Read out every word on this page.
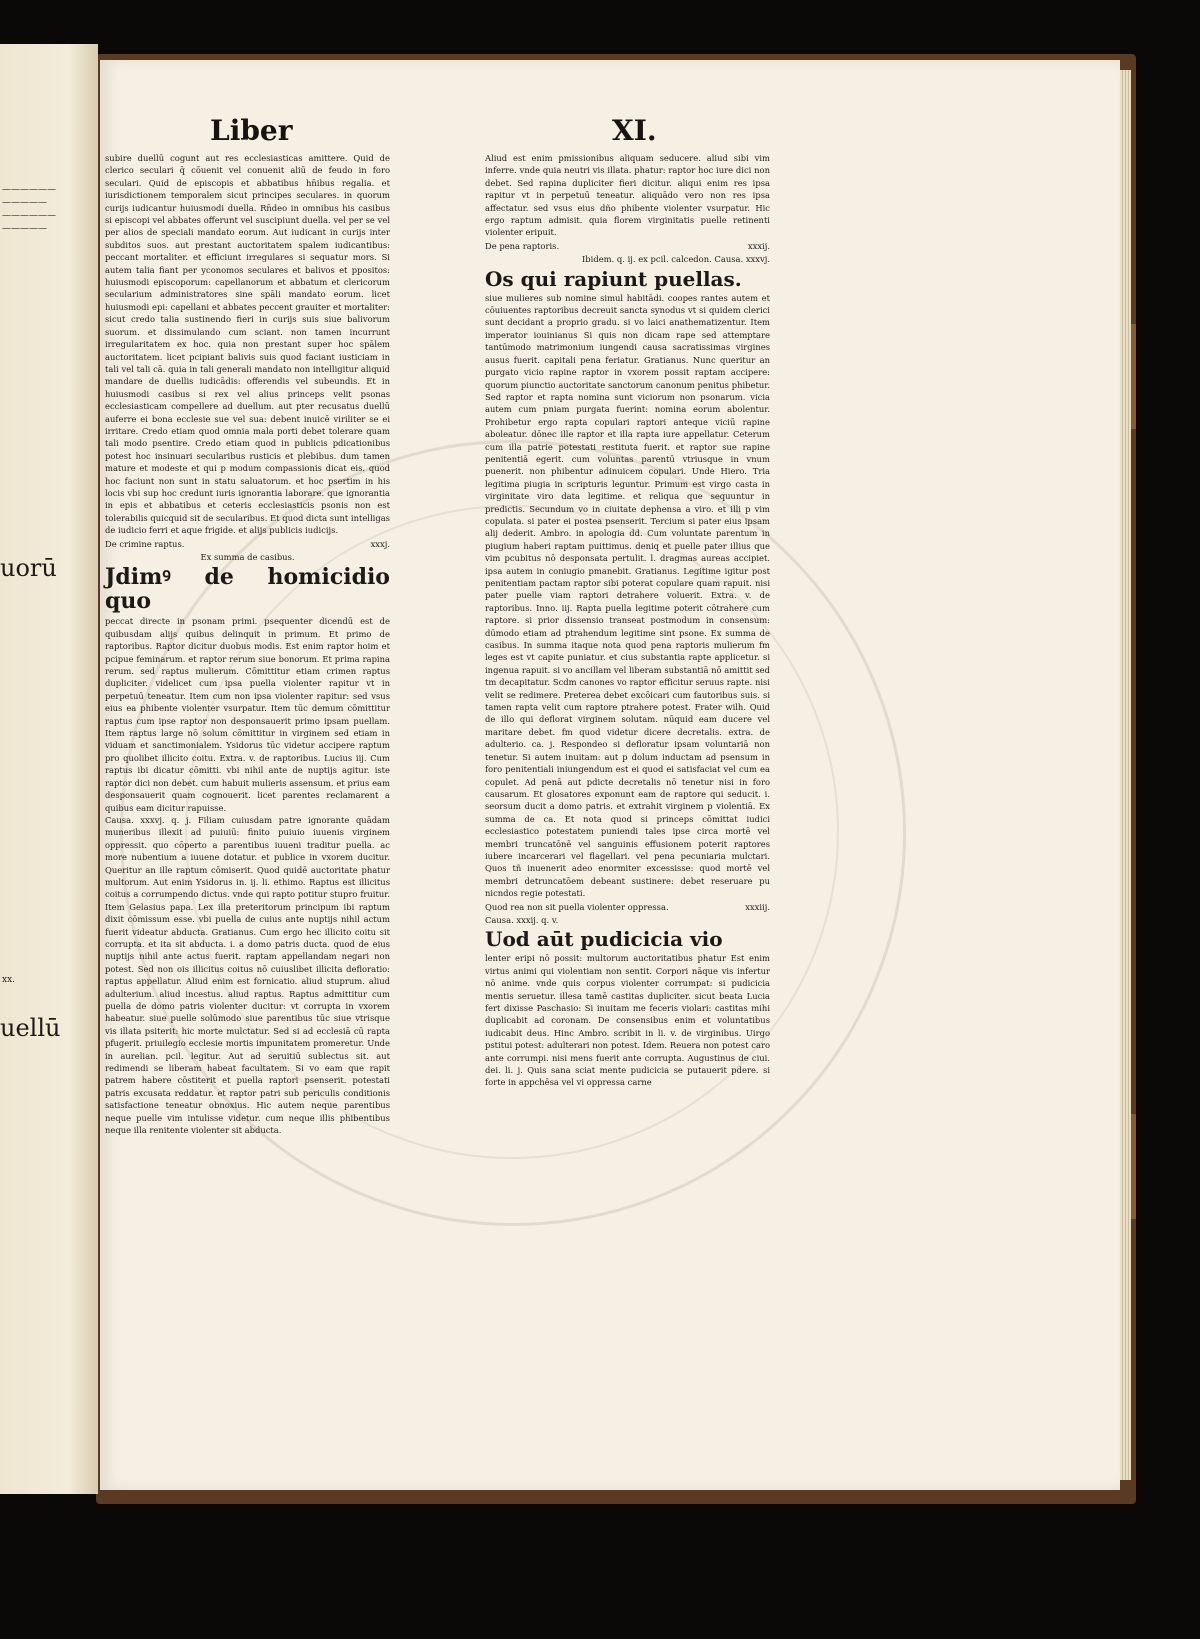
——————
—————
——————
—————
uorū
uellū
xx.
Liber	XI.

subire duellū cogunt aut res ecclesiasticas amittere. Quid de clerico seculari q̄ cōuenit vel conuenit aliū de feudo in foro seculari. Quid de episcopis et abbatibus hn̄ibus regalia. et iurisdictionem temporalem sicut principes seculares. in quorum curijs iudicantur huiusmodi duella. Rn̄deo in omnibus his casibus si episcopi vel abbates offerunt vel suscipiunt duella. vel per se vel per alios de speciali mandato eorum. Aut iudicant in curijs inter subditos suos. aut prestant auctoritatem spalem iudicantibus: peccant mortaliter. et efficiunt irregulares si sequatur mors. Si autem talia fiant per yconomos seculares et balivos et ppositos: huiusmodi episcoporum: capellanorum et abbatum et clericorum secularium administratores sine spāli mandato eorum. licet huiusmodi epi: capellani et abbates peccent grauiter et mortaliter: sicut credo talia sustinendo fieri in curijs suis siue balivorum suorum. et dissimulando cum sciant. non tamen incurrunt irregularitatem ex hoc. quia non prestant super hoc spālem auctoritatem. licet pcipiant balivis suis quod faciant iusticiam in tali vel tali cā. quia in tali generali mandato non intelligitur aliquid mandare de duellis iudicādis: offerendis vel subeundis. Et in huiusmodi casibus si rex vel alius princeps velit psonas ecclesiasticam compellere ad duellum. aut pter recusatus duellū auferre ei bona ecclesie sue vel sua: debent inuicē viriliter se ei irritare. Credo etiam quod omnia mala porti debet tolerare quam tali modo psentire. Credo etiam quod in publicis pdicationibus potest hoc insinuari secularibus rusticis et plebibus. dum tamen mature et modeste et qui p modum compassionis dicat eis. quod hoc faciunt non sunt in statu saluatorum. et hoc psertim in his locis vbi sup hoc credunt iuris ignorantia laborare. que ignorantia in epis et abbatibus et ceteris ecclesiasticis psonis non est tolerabilis quicquid sit de secularibus. Et quod dicta sunt intelligas de iudicio ferri et aque frigide. et alijs publicis iudicijs.

De crimine raptus.	xxxj.
Ex summa de casibus.
Jdimꝰ de homicidio quo

peccat directe in psonam primi. psequenter dicendū est de quibusdam alijs quibus delinquit in primum. Et primo de raptoribus. Raptor dicitur duobus modis. Est enim raptor hoim et pcipue feminarum. et raptor rerum siue bonorum. Et prima rapina rerum. sed raptus mulierum. Cōmittitur etiam crimen raptus dupliciter. videlicet cum ipsa puella violenter rapitur vt in perpetuū teneatur. Item cum non ipsa violenter rapitur: sed vsus eius ea phibente violenter vsurpatur. Item tūc demum cōmittitur raptus cum ipse raptor non desponsauerit primo ipsam puellam. Item raptus large nō solum cōmittitur in virginem sed etiam in viduam et sanctimonialem. Ysidorus tūc videtur accipere raptum pro quolibet illicito coitu. Extra. v. de raptoribus. Lucius iij. Cum raptus ibi dicatur cōmitti. vbi nihil ante de nuptijs agitur. iste raptor dici non debet. cum habuit mulieris assensum. et prius eam desponsauerit quam cognouerit. licet parentes reclamarent a quibus eam dicitur rapuisse.

Causa. xxxvj. q. j. Filiam cuiusdam patre ignorante quādam muneribus illexit ad puiuiū: finito puiuio iuuenis virginem oppressit. quo cōperto a parentibus iuueni traditur puella. ac more nubentium a iuuene dotatur. et publice in vxorem ducitur. Queritur an ille raptum cōmiserit. Quod quidē auctoritate phatur multorum. Aut enim Ysidorus in. ij. li. ethimo. Raptus est illicitus coitus a corrumpendo dictus. vnde qui rapto potitur stupro fruitur. Item Gelasius papa. Lex illa preteritorum principum ibi raptum dixit cōmissum esse. vbi puella de cuius ante nuptijs nihil actum fuerit videatur abducta. Gratianus. Cum ergo hec illicito coitu sit corrupta. et ita sit abducta. i. a domo patris ducta. quod de eius nuptijs nihil ante actus fuerit. raptam appellandam negari non potest. Sed non ois illicitus coitus nō cuiuslibet illicita defloratio: raptus appellatur. Aliud enim est fornicatio. aliud stuprum. aliud adulterium. aliud incestus. aliud raptus. Raptus admittitur cum puella de domo patris violenter ducitur: vt corrupta in vxorem habeatur. siue puelle solūmodo siue parentibus tūc siue vtrisque vis illata psiterit: hic morte mulctatur. Sed si ad ecclesiā cū rapta pfugerit. priuilegio ecclesie mortis impunitatem promeretur. Unde in aurelian. pcil. legitur. Aut ad seruitiū sublectus sit. aut redimendi se liberam habeat facultatem. Si vo eam que rapit patrem habere cōstiterit et puella raptori psenserit. potestati patris excusata reddatur. et raptor patri sub periculis conditionis satisfactione teneatur obnoxius. Hic autem neque parentibus neque puelle vim intulisse videtur. cum neque illis phibentibus neque illa renitente violenter sit abducta.

Aliud est enim pmissionibus aliquam seducere. aliud sibi vim inferre. vnde quia neutri vis illata. phatur: raptor hoc iure dici non debet. Sed rapina dupliciter fieri dicitur. aliqui enim res ipsa rapitur vt in perpetuū teneatur. aliquādo vero non res ipsa affectatur. sed vsus eius dño phibente violenter vsurpatur. Hic ergo raptum admisit. quia florem virginitatis puelle retinenti violenter eripuit.

De pena raptoris.	xxxij.
Ibidem. q. ij. ex pcil. calcedon. Causa. xxxvj.
Os qui rapiunt puellas.

siue mulieres sub nomine simul habitādi. coopes rantes autem et cōuiuentes raptoribus decreuit sancta synodus vt si quidem clerici sunt decidant a proprio gradu. si vo laici anathematizentur. Item imperator iouinianus Si quis non dicam rape sed attemptare tantūmodo matrimonium iungendi causa sacratissimas virgines ausus fuerit. capitali pena feriatur. Gratianus. Nunc queritur an purgato vicio rapine raptor in vxorem possit raptam accipere: quorum piunctio auctoritate sanctorum canonum penitus phibetur. Sed raptor et rapta nomina sunt viciorum non psonarum. vicia autem cum pniam purgata fuerint: nomina eorum abolentur. Prohibetur ergo rapta copulari raptori anteque viciū rapine aboleatur. dōnec ille raptor et illa rapta iure appellatur. Ceterum cum illa patrie potestati restituta fuerit. et raptor sue rapine penitentiā egerit. cum voluntas parentū vtriusque in vnum puenerit. non phibentur adinuicem copulari. Unde Hiero. Tria legitima piugia in scripturis leguntur. Primum est virgo casta in virginitate viro data legitime. et reliqua que sequuntur in predictis. Secundum vo in ciuitate dephensa a viro. et illi p vim copulata. si pater ei postea psenserit. Tercium si pater eius ipsam alij dederit. Ambro. in apologia dd. Cum voluntate parentum in piugium haberi raptam puittimus. deniq et puelle pater illius que vim pcubitus nō desponsata pertulit. l. dragmas aureas accipiet. ipsa autem in coniugio pmanebit. Gratianus. Legitime igitur post penitentiam pactam raptor sibi poterat copulare quam rapuit. nisi pater puelle viam raptori detrahere voluerit. Extra. v. de raptoribus. Inno. iij. Rapta puella legitime poterit cōtrahere cum raptore. si prior dissensio transeat postmodum in consensum: dūmodo etiam ad ptrahendum legitime sint psone. Ex summa de casibus. In summa itaque nota quod pena raptoris mulierum fm leges est vt capite puniatur. et cius substantia rapte applicetur. si ingenua rapuit. si vo ancillam vel liberam substantiā nō amittit sed tm decapitatur. Scdm canones vo raptor efficitur seruus rapte. nisi velit se redimere. Preterea debet excōicari cum fautoribus suis. si tamen rapta velit cum raptore ptrahere potest. Frater wilh. Quid de illo qui deflorat virginem solutam. nūquid eam ducere vel maritare debet. fm quod videtur dicere decretalis. extra. de adulterio. ca. j. Respondeo si defloratur ipsam voluntariā non tenetur. Si autem inuitam: aut p dolum inductam ad psensum in foro penitentiali iniungendum est ei quod ei satisfaciat vel cum ea copulet. Ad penā aut pdicte decretalis nō tenetur nisi in foro causarum. Et glosatores exponunt eam de raptore qui seducit. i. seorsum ducit a domo patris. et extrahit virginem p violentiā. Ex summa de ca. Et nota quod si princeps cōmittat iudici ecclesiastico potestatem puniendi tales ipse circa mortē vel membri truncatōnē vel sanguinis effusionem poterit raptores iubere incarcerari vel flagellari. vel pena pecuniaria mulctari. Quos tñ inuenerit adeo enormiter excessisse: quod mortē vel membri detruncatōem debeant sustinere: debet reseruare pu nicndos regie potestati.

Quod rea non sit puella violenter oppressa.	xxxiij.
Causa. xxxij. q. v.
Uod aūt pudicicia vio

lenter eripi nō possit: multorum auctoritatibus phatur Est enim virtus animi qui violentiam non sentit. Corpori nāque vis infertur nō anime. vnde quis corpus violenter corrumpat: si pudicicia mentis seruetur. illesa tamē castitas dupliciter. sicut beata Lucia fert dixisse Paschasio: Si inuitam me feceris violari: castitas mihi duplicabit ad coronam. De consensibus enim et voluntatibus iudicabit deus. Hinc Ambro. scribit in li. v. de virginibus. Uirgo pstitui potest: adulterari non potest. Idem. Reuera non potest caro ante corrumpi. nisi mens fuerit ante corrupta. Augustinus de ciui. dei. li. j. Quis sana sciat mente pudicicia se putauerit pdere. si forte in appchēsa vel vi oppressa carne
